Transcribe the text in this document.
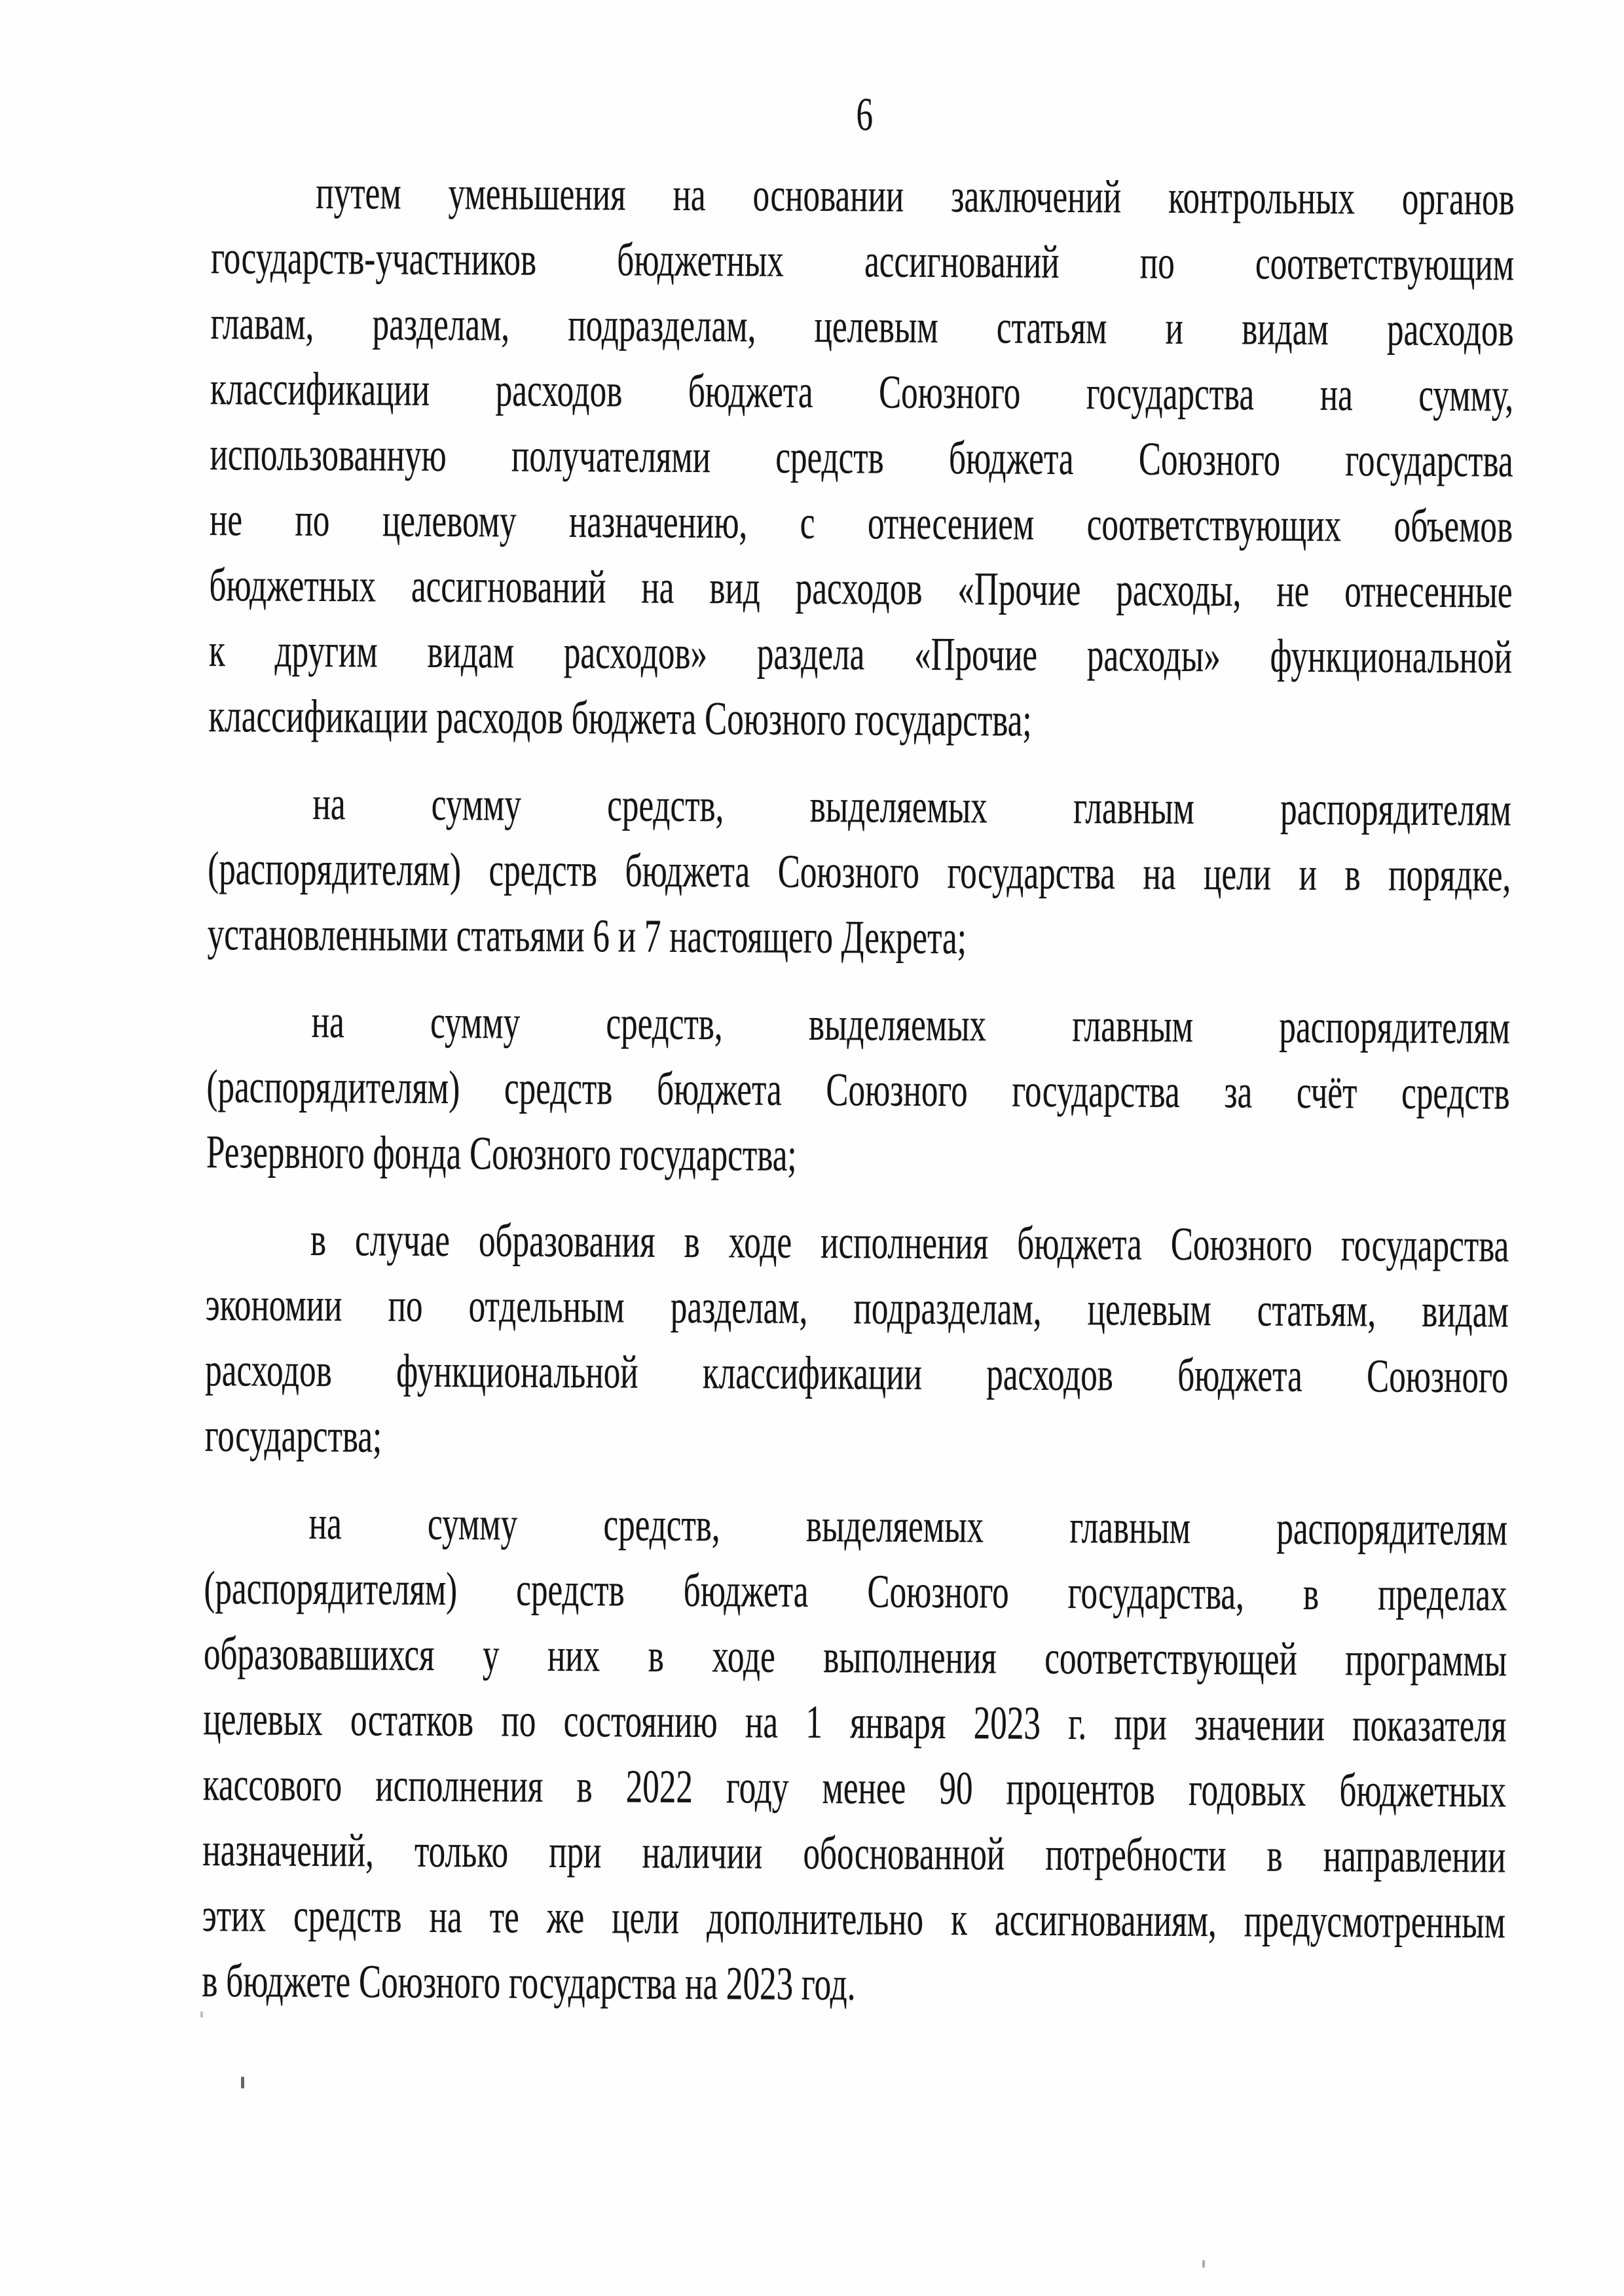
6
путем уменьшения на основании заключений контрольных органов
государств-участников бюджетных ассигнований по соответствующим
главам, разделам, подразделам, целевым статьям и видам расходов
классификации расходов бюджета Союзного государства на сумму,
использованную получателями средств бюджета Союзного государства
не по целевому назначению, с отнесением соответствующих объемов
бюджетных ассигнований на вид расходов «Прочие расходы, не отнесенные
к другим видам расходов» раздела «Прочие расходы» функциональной
классификации расходов бюджета Союзного государства;
на сумму средств, выделяемых главным распорядителям
(распорядителям) средств бюджета Союзного государства на цели и в порядке,
установленными статьями 6 и 7 настоящего Декрета;
на сумму средств, выделяемых главным распорядителям
(распорядителям) средств бюджета Союзного государства за счёт средств
Резервного фонда Союзного государства;
в случае образования в ходе исполнения бюджета Союзного государства
экономии по отдельным разделам, подразделам, целевым статьям, видам
расходов функциональной классификации расходов бюджета Союзного
государства;
на сумму средств, выделяемых главным распорядителям
(распорядителям) средств бюджета Союзного государства, в пределах
образовавшихся у них в ходе выполнения соответствующей программы
целевых остатков по состоянию на 1 января 2023 г. при значении показателя
кассового исполнения в 2022 году менее 90 процентов годовых бюджетных
назначений, только при наличии обоснованной потребности в направлении
этих средств на те же цели дополнительно к ассигнованиям, предусмотренным
в бюджете Союзного государства на 2023 год.
